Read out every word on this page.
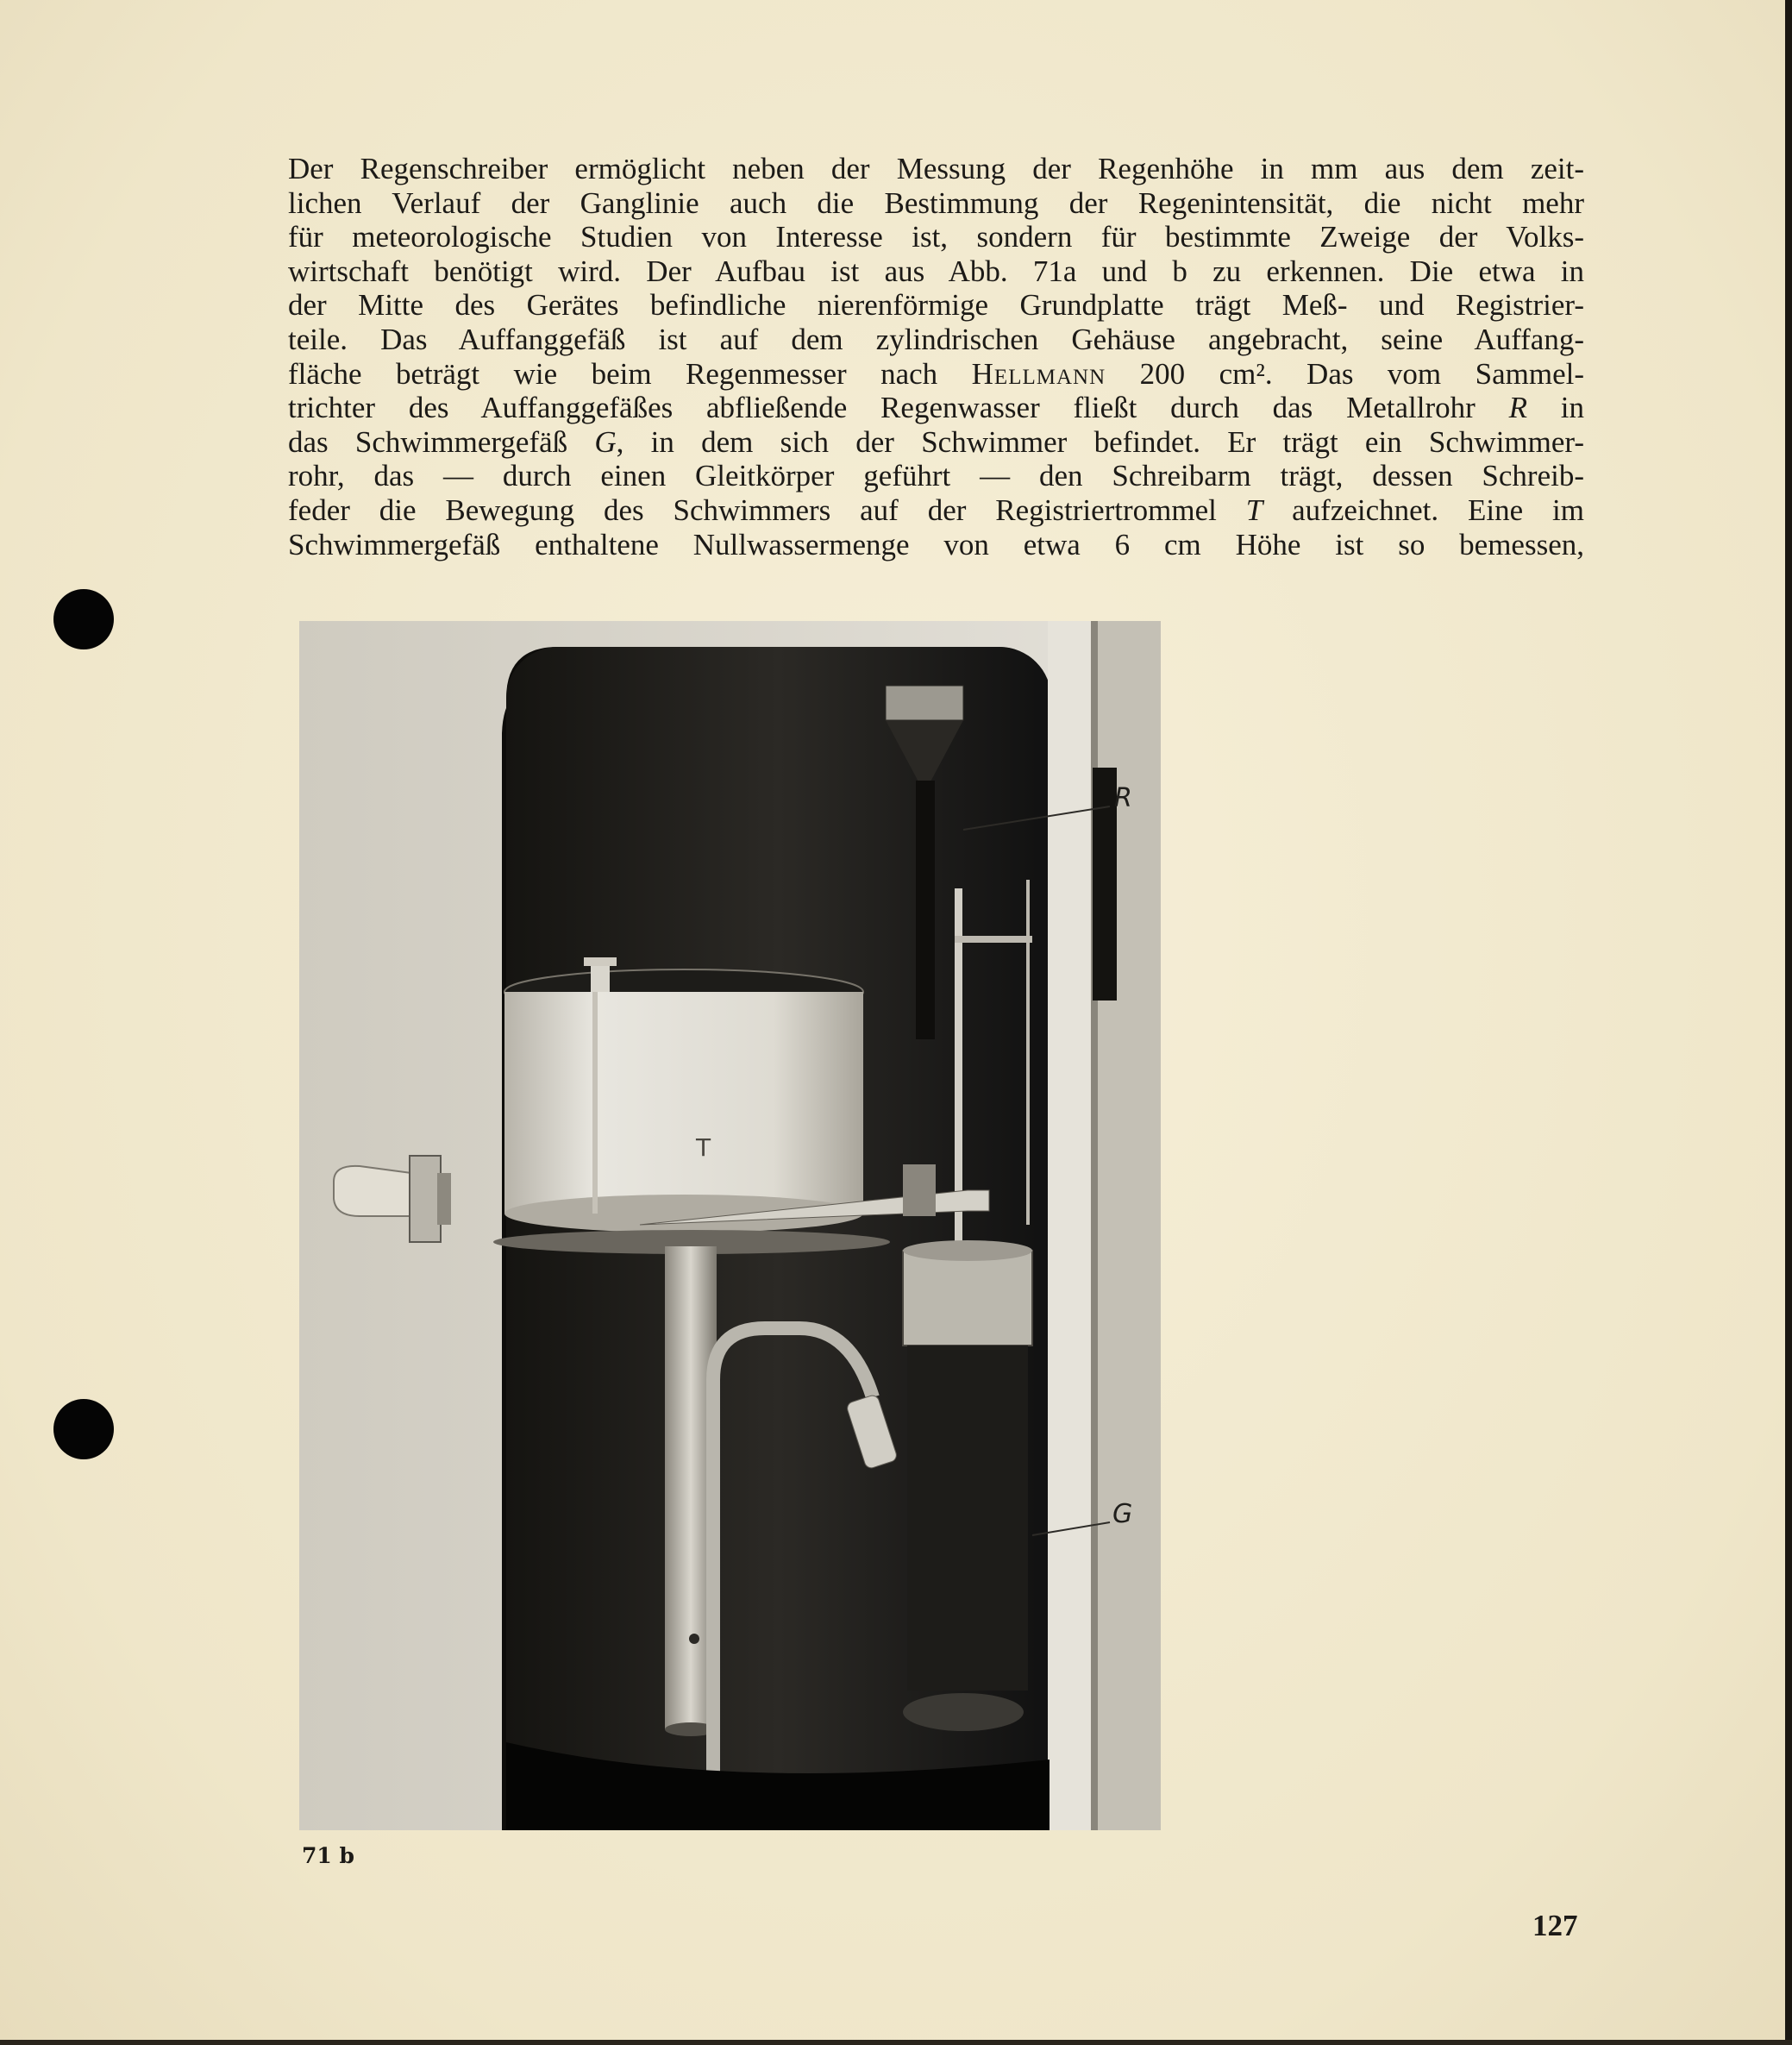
Der Regenschreiber ermöglicht neben der Messung der Regenhöhe in mm aus dem zeit-
lichen Verlauf der Ganglinie auch die Bestimmung der Regenintensität, die nicht mehr
für meteorologische Studien von Interesse ist, sondern für bestimmte Zweige der Volks-
wirtschaft benötigt wird. Der Aufbau ist aus Abb. 71a und b zu erkennen. Die etwa in
der Mitte des Gerätes befindliche nierenförmige Grundplatte trägt Meß- und Registrier-
teile. Das Auffanggefäß ist auf dem zylindrischen Gehäuse angebracht, seine Auffang-
fläche beträgt wie beim Regenmesser nach Hellmann 200 cm². Das vom Sammel-
trichter des Auffanggefäßes abfließende Regenwasser fließt durch das Metallrohr R in
das Schwimmergefäß G, in dem sich der Schwimmer befindet. Er trägt ein Schwimmer-
rohr, das — durch einen Gleitkörper geführt — den Schreibarm trägt, dessen Schreib-
feder die Bewegung des Schwimmers auf der Registriertrommel T aufzeichnet. Eine im
Schwimmergefäß enthaltene Nullwassermenge von etwa 6 cm Höhe ist so bemessen,
R
T
G
71 b
127
